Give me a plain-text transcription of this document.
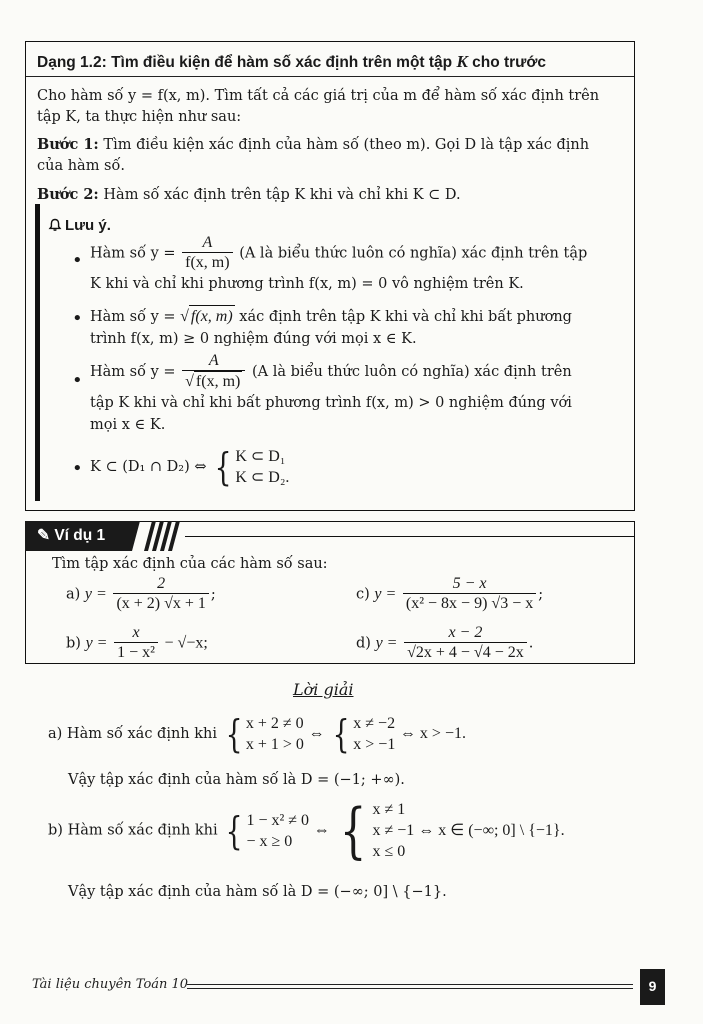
Dạng 1.2: Tìm điều kiện để hàm số xác định trên một tập K cho trước
Cho hàm số y = f(x, m). Tìm tất cả các giá trị của m để hàm số xác định trên
tập K, ta thực hiện như sau:
Bước 1: Tìm điều kiện xác định của hàm số (theo m). Gọi D là tập xác định
của hàm số.
Bước 2: Hàm số xác định trên tập K khi và chỉ khi K ⊂ D.
Lưu ý.
• Hàm số $y = \frac{A}{f(x, m)} (A$ là biểu thức luôn có nghĩa) xác định trên tập
K khi và chỉ khi phương trình f(x, m) = 0 vô nghiệm trên K.
• Hàm số y = √ f(x, m) xác định trên tập K khi và chỉ khi bất phương
trình f(x, m) ≥ 0 nghiệm đúng với mọi x ∈ K.
• Hàm số $y = \frac{A}{√ f(x, m)} (A$ là biểu thức luôn có nghĩa) xác định trên
tập K khi và chỉ khi bất phương trình f(x, m) > 0 nghiệm đúng với
mọi x ∈ K.
• K ⊂ (D₁ ∩ D₂) ⇔ { K ⊂ D₁
K ⊂ D₂.
✎ Ví dụ 1
Tìm tập xác định của các hàm số sau:
a) $y = \frac{2}{(x + 2) √x + 1}$ ;	c) $y = \frac{5 - x}{\text{(x² − 8x − 9) √3 − x}}$ ;
b) $y = \frac{x}{\text{1 − x²}} - √-x$;	d) $y = \frac{x - 2}{√2x + 4 - √4 - 2x}$ .
Lời giải
a) Hàm số xác định khi { x + 2 ≠ 0
x + 1 > 0
⇔ { x ≠ −2
x > −1
⇔ x > −1.
Vậy tập xác định của hàm số là D = (−1; +∞).
b) Hàm số xác định khi { 1 − x² ≠ 0
− x ≥ 0
⇔ { x ≠ 1
x ≠ −1 ⇔ x ∈ (−∞; 0] \ {−1}.
x ≤ 0
Vậy tập xác định của hàm số là D = (−∞; 0] \ {−1}.
Tài liệu chuyên Toán 10	9
